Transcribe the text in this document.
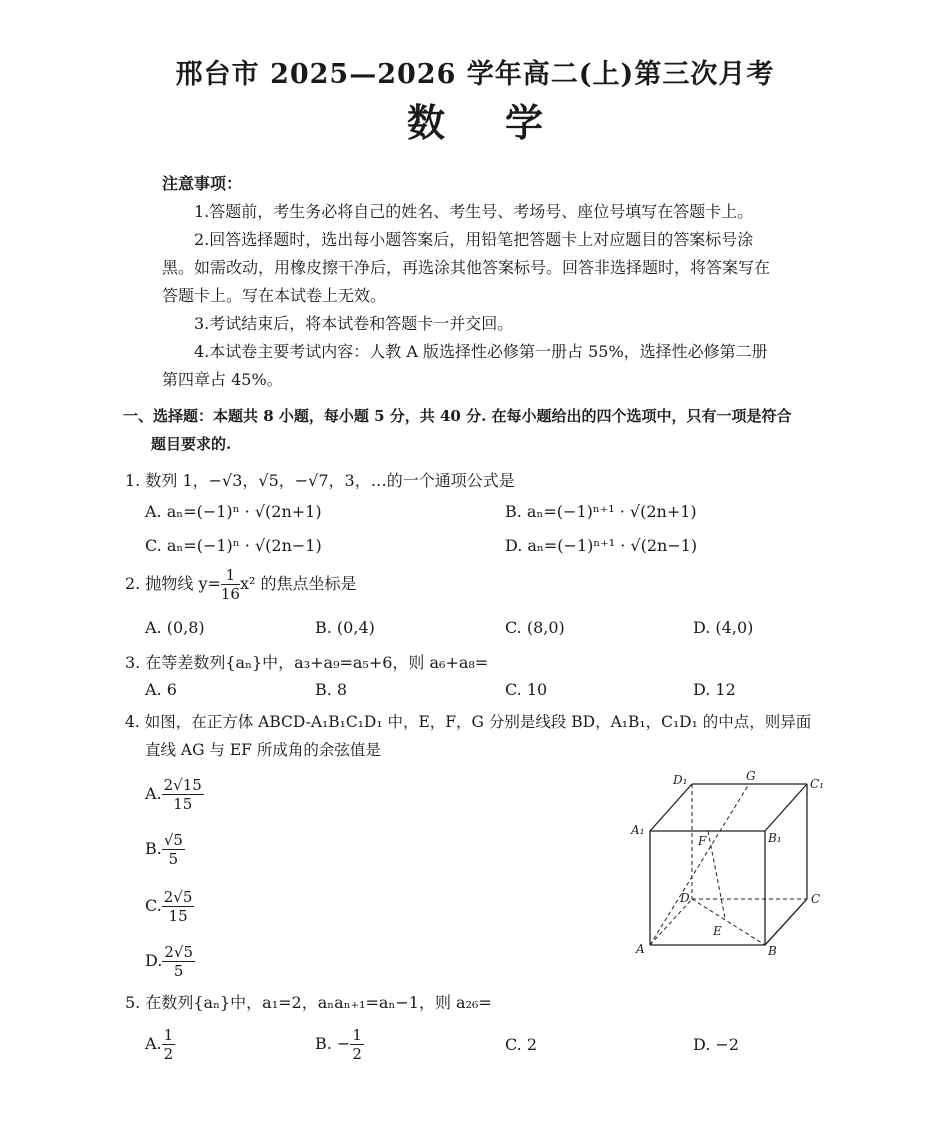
邢台市 2025—2026 学年高二(上)第三次月考
数学
注意事项：

1.答题前，考生务必将自己的姓名、考生号、考场号、座位号填写在答题卡上。

2.回答选择题时，选出每小题答案后，用铅笔把答题卡上对应题目的答案标号涂

黑。如需改动，用橡皮擦干净后，再选涂其他答案标号。回答非选择题时，将答案写在

答题卡上。写在本试卷上无效。

3.考试结束后，将本试卷和答题卡一并交回。

4.本试卷主要考试内容：人教 A 版选择性必修第一册占 55%，选择性必修第二册

第四章占 45%。

一、选择题：本题共 8 小题，每小题 5 分，共 40 分. 在每小题给出的四个选项中，只有一项是符合
题目要求的.
1. 数列 1，−√3，√5，−√7，3，…的一个通项公式是
A. aₙ=(−1)ⁿ · √(2n+1)	B. aₙ=(−1)ⁿ⁺¹ · √(2n+1)
C. aₙ=(−1)ⁿ · √(2n−1)	D. aₙ=(−1)ⁿ⁺¹ · √(2n−1)
2. 抛物线 $y= \frac{1}{16} x^2$ 的焦点坐标是
A. (0,8)	B. (0,4)	C. (8,0)	D. (4,0)
3. 在等差数列{aₙ}中，a₃+a₉=a₅+6，则 a₆+a₈=
A. 6	B. 8	C. 10	D. 12
4. 如图，在正方体 ABCD-A₁B₁C₁D₁ 中，E，F，G 分别是线段 BD，A₁B₁，C₁D₁ 的中点，则异面
直线 AG 与 EF 所成角的余弦值是
A. $\frac{2√15}{15}$
B. $\frac{√5}{5}$
C. $\frac{2√5}{15}$
D. $\frac{2√5}{5}$	A	B
C
D
A₁
B₁
C₁
D₁
E
F
G
5. 在数列{aₙ}中，a₁=2，aₙaₙ₊₁=aₙ−1，则 a₂₆=
A. $\frac{1}{2}$	B. − $\frac{1}{2}$	C. 2	D. −2
